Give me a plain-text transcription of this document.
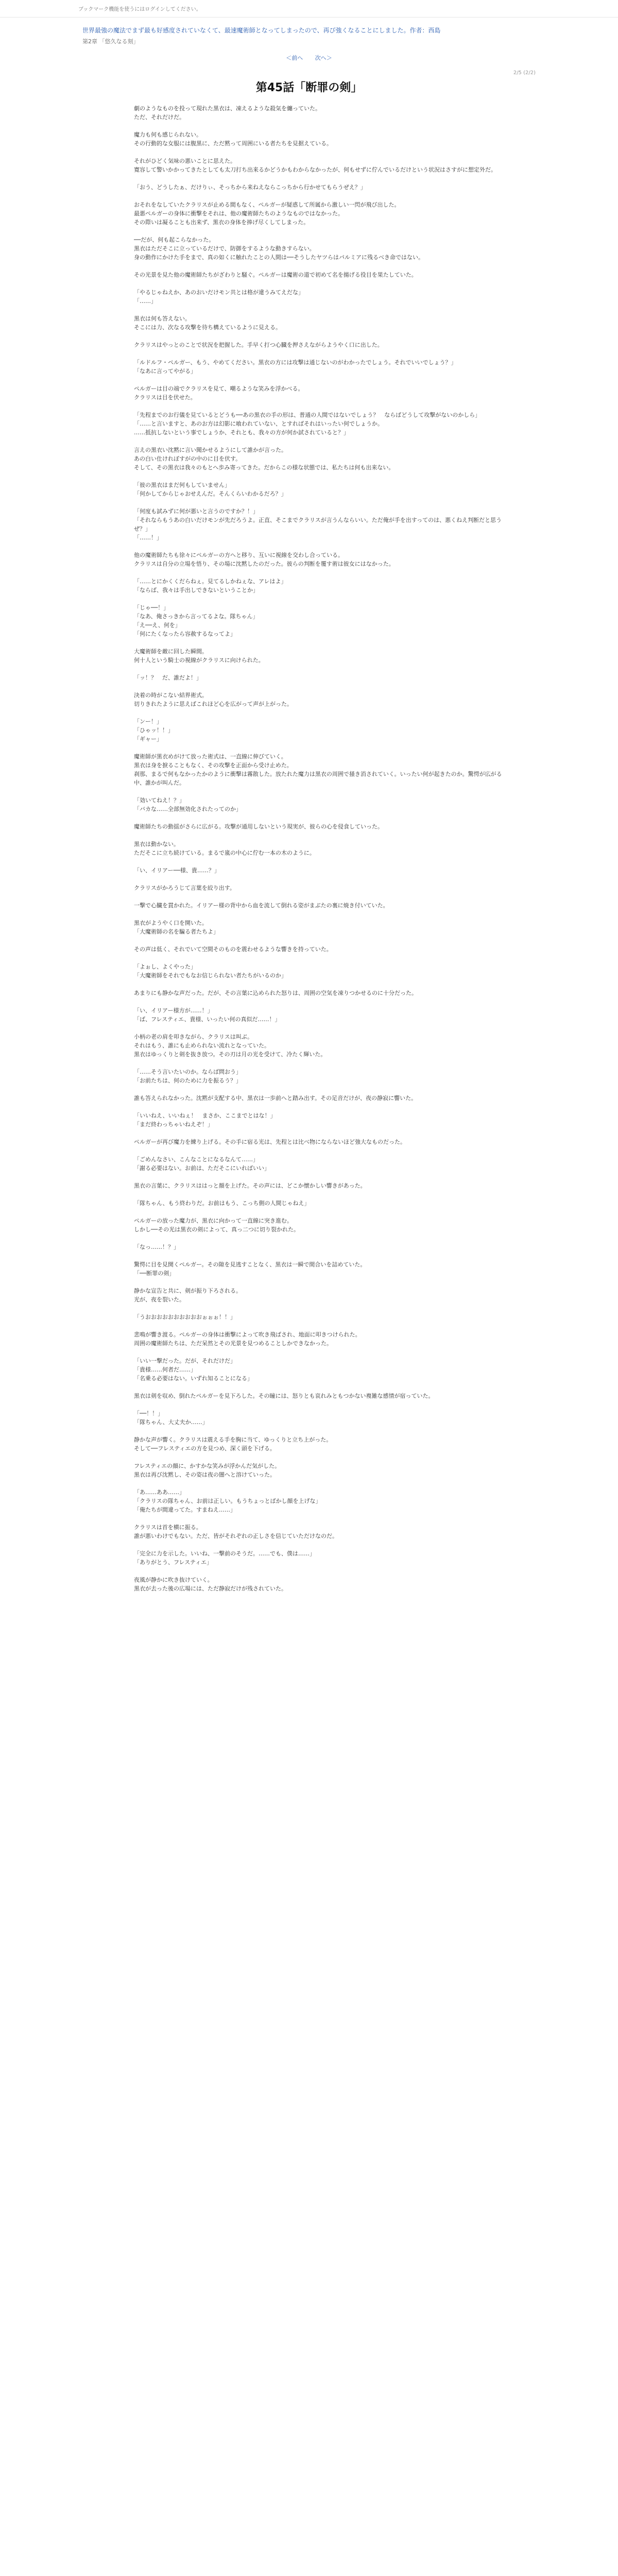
ブックマーク機能を使うにはログインしてください。
世界最強の魔法でまず最も好感度されていなくて、最速魔術師となってしまったので、再び強くなることにしました。作者：西島
第2章 「悠久なる刻」
＜前へ 次へ＞
2/5 (2/2)
第45話「断罪の剣」

劇のようなものを投って現れた黒衣は、凍えるような殺気を纏っていた。

ただ、それだけだ。

魔力も何も感じられない。

その行動的な女服には腹黒に、ただ黙って周囲にいる者たちを見据えている。

それがひどく気味の悪いことに思えた。

寛容して警いかかってきたとしても太刀打ち出来るかどうかもわからなかったが、何もせずに佇んでいるだけという状況はさすがに想定外だ。

「おう、どうしたぁ、だけりぃ、そっちから来ねえならこっちから行かせてもらうぜえ？」

おそれをなしていたクラリスが止める間もなく、ペルガーが疑惑して所属から激しい一閃が飛び出した。

最悪ペルガーの身体に衝撃をそれは、他の魔術師たちのようなものではなかった。

その際いは凝ることも出来ず、黒衣の身体を捧げ尽くしてしまった。

──だが、何も起こらなかった。

黒衣はただそこに立っているだけで、防御をするような動きすらない。

身の動作にかけた手をまで、真の如くに触れたことの人間は──そうしたヤツらはパルミアに残るべき命ではない。

その光景を見た他の魔術師たちがざわりと騒ぐ。ペルガーは魔術の道で初めて名を揚げる役目を果たしていた。

「やるじゃねえか、あのおいだけモン共とは格が違うみてえだな」

「……」

黒衣は何も答えない。

そこには力、次なる攻撃を待ち構えているように見える。

クラリスはやっとのことで状況を把握した。手早く打つ心臓を押さえながらようやく口に出した。

「ルドルフ・ペルガー、もう、やめてください。黒衣の方には攻撃は通じないのがわかったでしょう。それでいいでしょう？」

「なあに言ってやがる」

ペルガーは目の端でクラリスを見て、嘲るような笑みを浮かべる。

クラリスは目を伏せた。

「先程までのお行儀を見ているとどうも──あの黒衣の手の形は、普通の人間ではないでしょう？　ならばどうして攻撃がないのかしら」

「……と言いますと、あのお方は幻影に喰われていない、とすればそれはいったい何でしょうか。

……抵抗しないという事でしょうか、それとも、我々の方が何か試されていると？」

言えの黒衣い沈黙に言い聞かせるようにして誰かが言った。

あの白い仕けれぼすがの中のに目を伏す。

そして、その黒衣は我々のもとへ歩み寄ってきた。だからこの様な状態では、私たちは何も出来ない。

「彼の黒衣はまだ何もしていません」

「何かしてからじゃおせえんだ。そんくらいわかるだろ？」

「何度も試みずに何が悪いと言うのですか？！」

「それならもうあの白いだけモンが先だろうよ。正直、そこまでクラリスが言うんならいい。ただ俺が手を出すってのは、悪くねえ判断だと思うぜ？」

「……！」

他の魔術師たちも徐々にペルガーの方へと移り、互いに視線を交わし合っている。

クラリスは自分の立場を悟り、その場に沈黙したのだった。彼らの判断を覆す術は彼女にはなかった。

「……とにかくくだらねぇ。見てるしかねぇな、アレはよ」

「ならば、我々は手出しできないということか」

「じゃ──！」

「なあ、俺さっきから言ってるよな。隊ちゃん」

「え──え、何を」

「何にたくなったら容赦するなってよ」

大魔術師を敵に回した瞬間。

何十人という騎士の視線がクラリスに向けられた。

「ッ！？　だ、誰だよ！」

決着の時がこない結界術式。

切りきれたように思えばこれほど心を広がって声が上がった。

「ンー！」

「ひゃッ！！」

「ギャー」

魔術師が黒衣めがけて放った術式は、一直線に伸びていく。

黒衣は身を捩ることもなく、その攻撃を正面から受け止めた。

刹那、まるで何もなかったかのように衝撃は霧散した。放たれた魔力は黒衣の周囲で掻き消されていく。いったい何が起きたのか。驚愕が広がる中、誰かが叫んだ。

「効いてねえ！？」

「バカな……全部無効化されたってのか」

魔術師たちの動揺がさらに広がる。攻撃が通用しないという現実が、彼らの心を侵食していった。

黒衣は動かない。

ただそこに立ち続けている。まるで嵐の中心に佇む一本の木のように。

「い、イリアー──様、貴……？」

クラリスがかろうじて言葉を絞り出す。

一撃で心臓を貫かれた。イリアー様の背中から血を流して倒れる姿がまぶたの裏に焼き付いていた。

黒衣がようやく口を開いた。

「大魔術師の名を騙る者たちよ」

その声は低く、それでいて空間そのものを震わせるような響きを持っていた。

「よぉし、よくやった」

「大魔術師をそれでもなお信じられない者たちがいるのか」

あまりにも静かな声だった。だが、その言葉に込められた怒りは、周囲の空気を凍りつかせるのに十分だった。

「い、イリアー様方が……！」

「ば、フレスティエ、貴様、いったい何の真似だ……！」

小柄の老の肩を叩きながら、クラリスは叫ぶ。

それはもう、誰にも止められない流れとなっていた。

黒衣はゆっくりと剣を抜き放つ。その刃は月の光を受けて、冷たく輝いた。

「……そう言いたいのか。ならば問おう」

「お前たちは、何のために力を振るう？」

誰も答えられなかった。沈黙が支配する中、黒衣は一歩前へと踏み出す。その足音だけが、夜の静寂に響いた。

「いいねえ、いいねぇ！　まさか、ここまでとはな！」

「まだ終わっちゃいねえぞ！」

ペルガーが再び魔力を練り上げる。その手に宿る光は、先程とは比べ物にならないほど強大なものだった。

「ごめんなさい、こんなことになるなんて……」

「謝る必要はない。お前は、ただそこにいればいい」

黒衣の言葉に、クラリスははっと顔を上げた。その声には、どこか懐かしい響きがあった。

「隊ちゃん、もう終わりだ。お前はもう、こっち側の人間じゃねえ」

ペルガーの放った魔力が、黒衣に向かって一直線に突き進む。

しかし──その光は黒衣の剣によって、真っ二つに切り裂かれた。

「なっ……！？」

驚愕に目を見開くペルガー。その隙を見逃すことなく、黒衣は一瞬で間合いを詰めていた。

「──断罪の剣」

静かな宣告と共に、剣が振り下ろされる。

光が、夜を裂いた。

「うおおおおおおおおおおぉぉぉ！！」

悲鳴が響き渡る。ペルガーの身体は衝撃によって吹き飛ばされ、地面に叩きつけられた。

周囲の魔術師たちは、ただ呆然とその光景を見つめることしかできなかった。

「いい一撃だった。だが、それだけだ」

「貴様……何者だ……」

「名乗る必要はない。いずれ知ることになる」

黒衣は剣を収め、倒れたペルガーを見下ろした。その瞳には、怒りとも哀れみともつかない複雑な感情が宿っていた。

「──！！」

「隊ちゃん、大丈夫か……」

静かな声が響く。クラリスは震える手を胸に当て、ゆっくりと立ち上がった。

そして──フレスティエの方を見つめ、深く頭を下げる。

フレスティエの顔に、かすかな笑みが浮かんだ気がした。

黒衣は再び沈黙し、その姿は夜の闇へと溶けていった。

「あ……ああ……」

「クラリスの隊ちゃん、お前は正しい。もうちょっとばかし顔を上げな」

「俺たちが間違ってた。すまねえ……」

クラリスは首を横に振る。

誰が悪いわけでもない。ただ、皆がそれぞれの正しさを信じていただけなのだ。

「完全に力を示した。いいね、一撃前のそうだ。……でも、僕は……」

「ありがとう、フレスティエ」

夜風が静かに吹き抜けていく。

黒衣が去った後の広場には、ただ静寂だけが残されていた。
